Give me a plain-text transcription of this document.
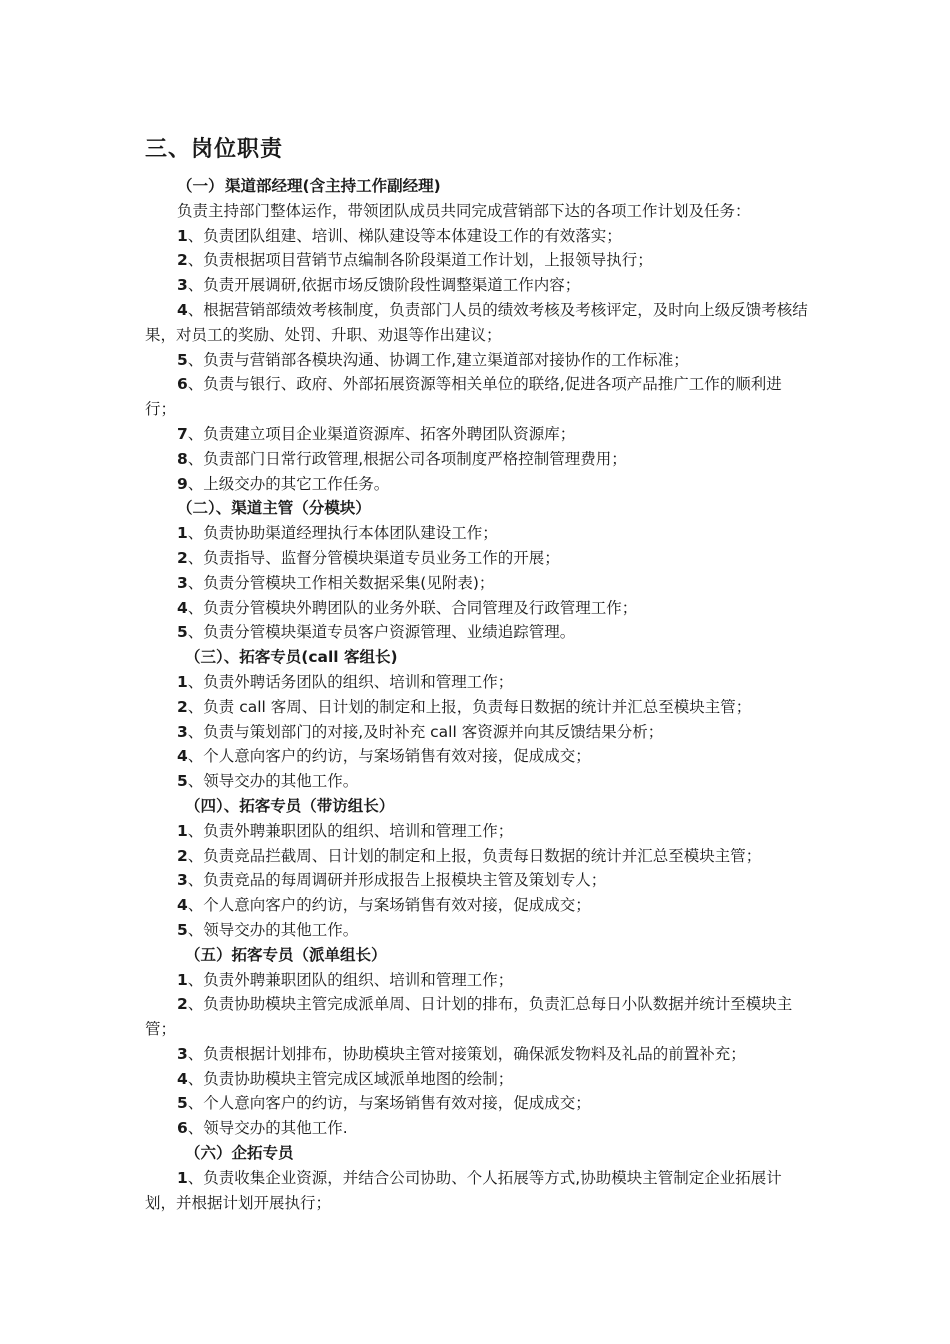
三、岗位职责
（一）渠道部经理(含主持工作副经理)
负责主持部门整体运作，带领团队成员共同完成营销部下达的各项工作计划及任务：
1、负责团队组建、培训、梯队建设等本体建设工作的有效落实；
2、负责根据项目营销节点编制各阶段渠道工作计划，上报领导执行；
3、负责开展调研,依据市场反馈阶段性调整渠道工作内容；
4、根据营销部绩效考核制度，负责部门人员的绩效考核及考核评定，及时向上级反馈考核结果，对员工的奖励、处罚、升职、劝退等作出建议；
5、负责与营销部各模块沟通、协调工作,建立渠道部对接协作的工作标准；
6、负责与银行、政府、外部拓展资源等相关单位的联络,促进各项产品推广工作的顺利进行；
7、负责建立项目企业渠道资源库、拓客外聘团队资源库；
8、负责部门日常行政管理,根据公司各项制度严格控制管理费用；
9、上级交办的其它工作任务。
（二）、渠道主管（分模块）
1、负责协助渠道经理执行本体团队建设工作；
2、负责指导、监督分管模块渠道专员业务工作的开展；
3、负责分管模块工作相关数据采集(见附表)；
4、负责分管模块外聘团队的业务外联、合同管理及行政管理工作；
5、负责分管模块渠道专员客户资源管理、业绩追踪管理。
（三）、拓客专员(call 客组长)
1、负责外聘话务团队的组织、培训和管理工作；
2、负责 call 客周、日计划的制定和上报，负责每日数据的统计并汇总至模块主管；
3、负责与策划部门的对接,及时补充 call 客资源并向其反馈结果分析；
4、个人意向客户的约访，与案场销售有效对接，促成成交；
5、领导交办的其他工作。
（四）、拓客专员（带访组长）
1、负责外聘兼职团队的组织、培训和管理工作；
2、负责竞品拦截周、日计划的制定和上报，负责每日数据的统计并汇总至模块主管；
3、负责竞品的每周调研并形成报告上报模块主管及策划专人；
4、个人意向客户的约访，与案场销售有效对接，促成成交；
5、领导交办的其他工作。
（五）拓客专员（派单组长）
1、负责外聘兼职团队的组织、培训和管理工作；
2、负责协助模块主管完成派单周、日计划的排布，负责汇总每日小队数据并统计至模块主管；
3、负责根据计划排布，协助模块主管对接策划，确保派发物料及礼品的前置补充；
4、负责协助模块主管完成区域派单地图的绘制；
5、个人意向客户的约访，与案场销售有效对接，促成成交；
6、领导交办的其他工作.
（六）企拓专员
1、负责收集企业资源，并结合公司协助、个人拓展等方式,协助模块主管制定企业拓展计划，并根据计划开展执行；
